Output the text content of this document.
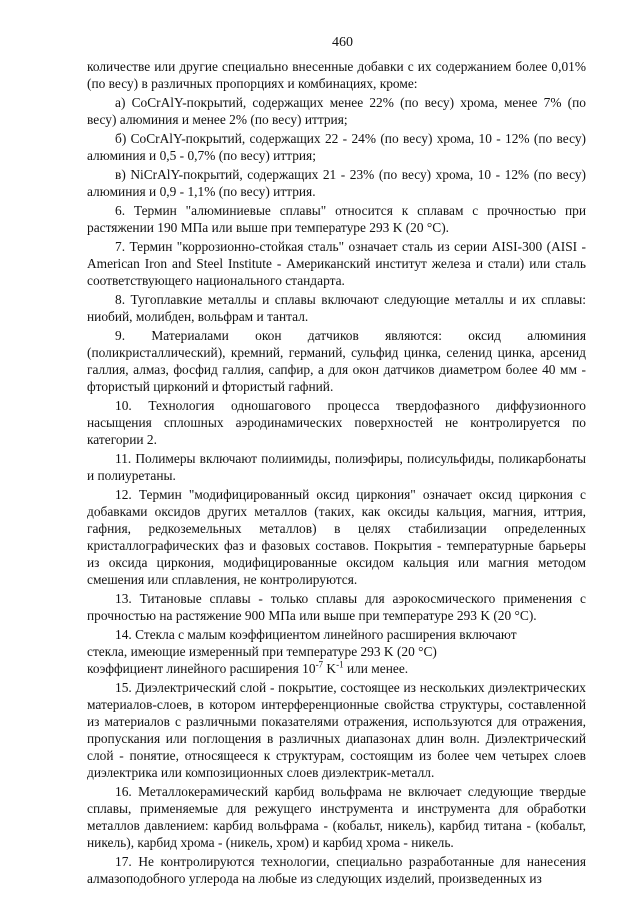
460

количестве или другие специально внесенные добавки с их содержанием более 0,01% (по весу) в различных пропорциях и комбинациях, кроме:

а) CoCrAlY-покрытий, содержащих менее 22% (по весу) хрома, менее 7% (по весу) алюминия и менее 2% (по весу) иттрия;

б) CoCrAlY-покрытий, содержащих 22 - 24% (по весу) хрома, 10 - 12% (по весу) алюминия и 0,5 - 0,7% (по весу) иттрия;

в) NiCrAlY-покрытий, содержащих 21 - 23% (по весу) хрома, 10 - 12% (по весу) алюминия и 0,9 - 1,1% (по весу) иттрия.

6. Термин "алюминиевые сплавы" относится к сплавам с прочностью при растяжении 190 МПа или выше при температуре 293 K (20 °C).

7. Термин "коррозионно-стойкая сталь" означает сталь из серии AISI-300 (AISI - American Iron and Steel Institute - Американский институт железа и стали) или сталь соответствующего национального стандарта.

8. Тугоплавкие металлы и сплавы включают следующие металлы и их сплавы: ниобий, молибден, вольфрам и тантал.

9. Материалами окон датчиков являются: оксид алюминия (поликристаллический), кремний, германий, сульфид цинка, селенид цинка, арсенид галлия, алмаз, фосфид галлия, сапфир, а для окон датчиков диаметром более 40 мм - фтористый цирконий и фтористый гафний.

10. Технология одношагового процесса твердофазного диффузионного насыщения сплошных аэродинамических поверхностей не контролируется по категории 2.

11. Полимеры включают полиимиды, полиэфиры, полисульфиды, поликарбонаты и полиуретаны.

12. Термин "модифицированный оксид циркония" означает оксид циркония с добавками оксидов других металлов (таких, как оксиды кальция, магния, иттрия, гафния, редкоземельных металлов) в целях стабилизации определенных кристаллографических фаз и фазовых составов. Покрытия - температурные барьеры из оксида циркония, модифицированные оксидом кальция или магния методом смешения или сплавления, не контролируются.

13. Титановые сплавы - только сплавы для аэрокосмического применения с прочностью на растяжение 900 МПа или выше при температуре 293 K (20 °C).

14. Стекла с малым коэффициентом линейного расширения включают

стекла, имеющие измеренный при температуре 293 K (20 °C)

коэффициент линейного расширения $10^{-7}$ $K^{-1}$ или менее.

15. Диэлектрический слой - покрытие, состоящее из нескольких диэлектрических материалов-слоев, в котором интерференционные свойства структуры, составленной из материалов с различными показателями отражения, используются для отражения, пропускания или поглощения в различных диапазонах длин волн. Диэлектрический слой - понятие, относящееся к структурам, состоящим из более чем четырех слоев диэлектрика или композиционных слоев диэлектрик-металл.

16. Металлокерамический карбид вольфрама не включает следующие твердые сплавы, применяемые для режущего инструмента и инструмента для обработки металлов давлением: карбид вольфрама - (кобальт, никель), карбид титана - (кобальт, никель), карбид хрома - (никель, хром) и карбид хрома - никель.

17. Не контролируются технологии, специально разработанные для нанесения алмазоподобного углерода на любые из следующих изделий, произведенных из
